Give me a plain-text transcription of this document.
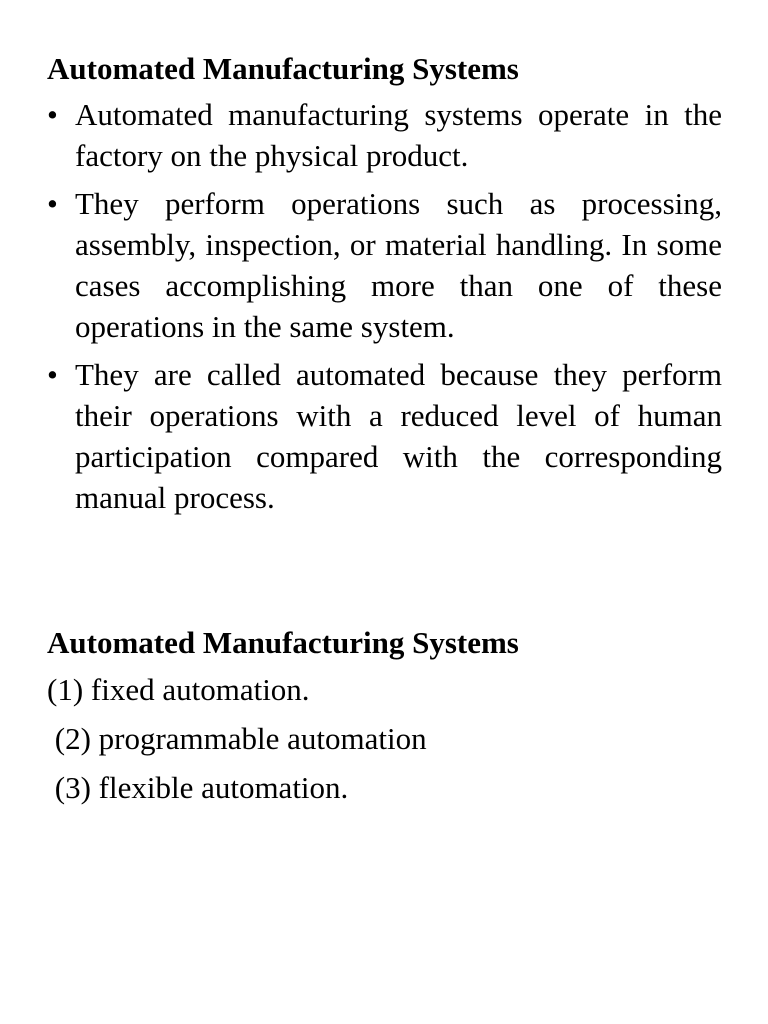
Automated Manufacturing Systems
• Automated manufacturing systems operate in the factory on the physical product.
• They perform operations such as processing, assembly, inspection, or material handling. In some cases accomplishing more than one of these operations in the same system.
• They are called automated because they perform their operations with a reduced level of human participation compared with the corresponding manual process.
Automated Manufacturing Systems
(1) fixed automation.
(2) programmable automation
(3) flexible automation.
